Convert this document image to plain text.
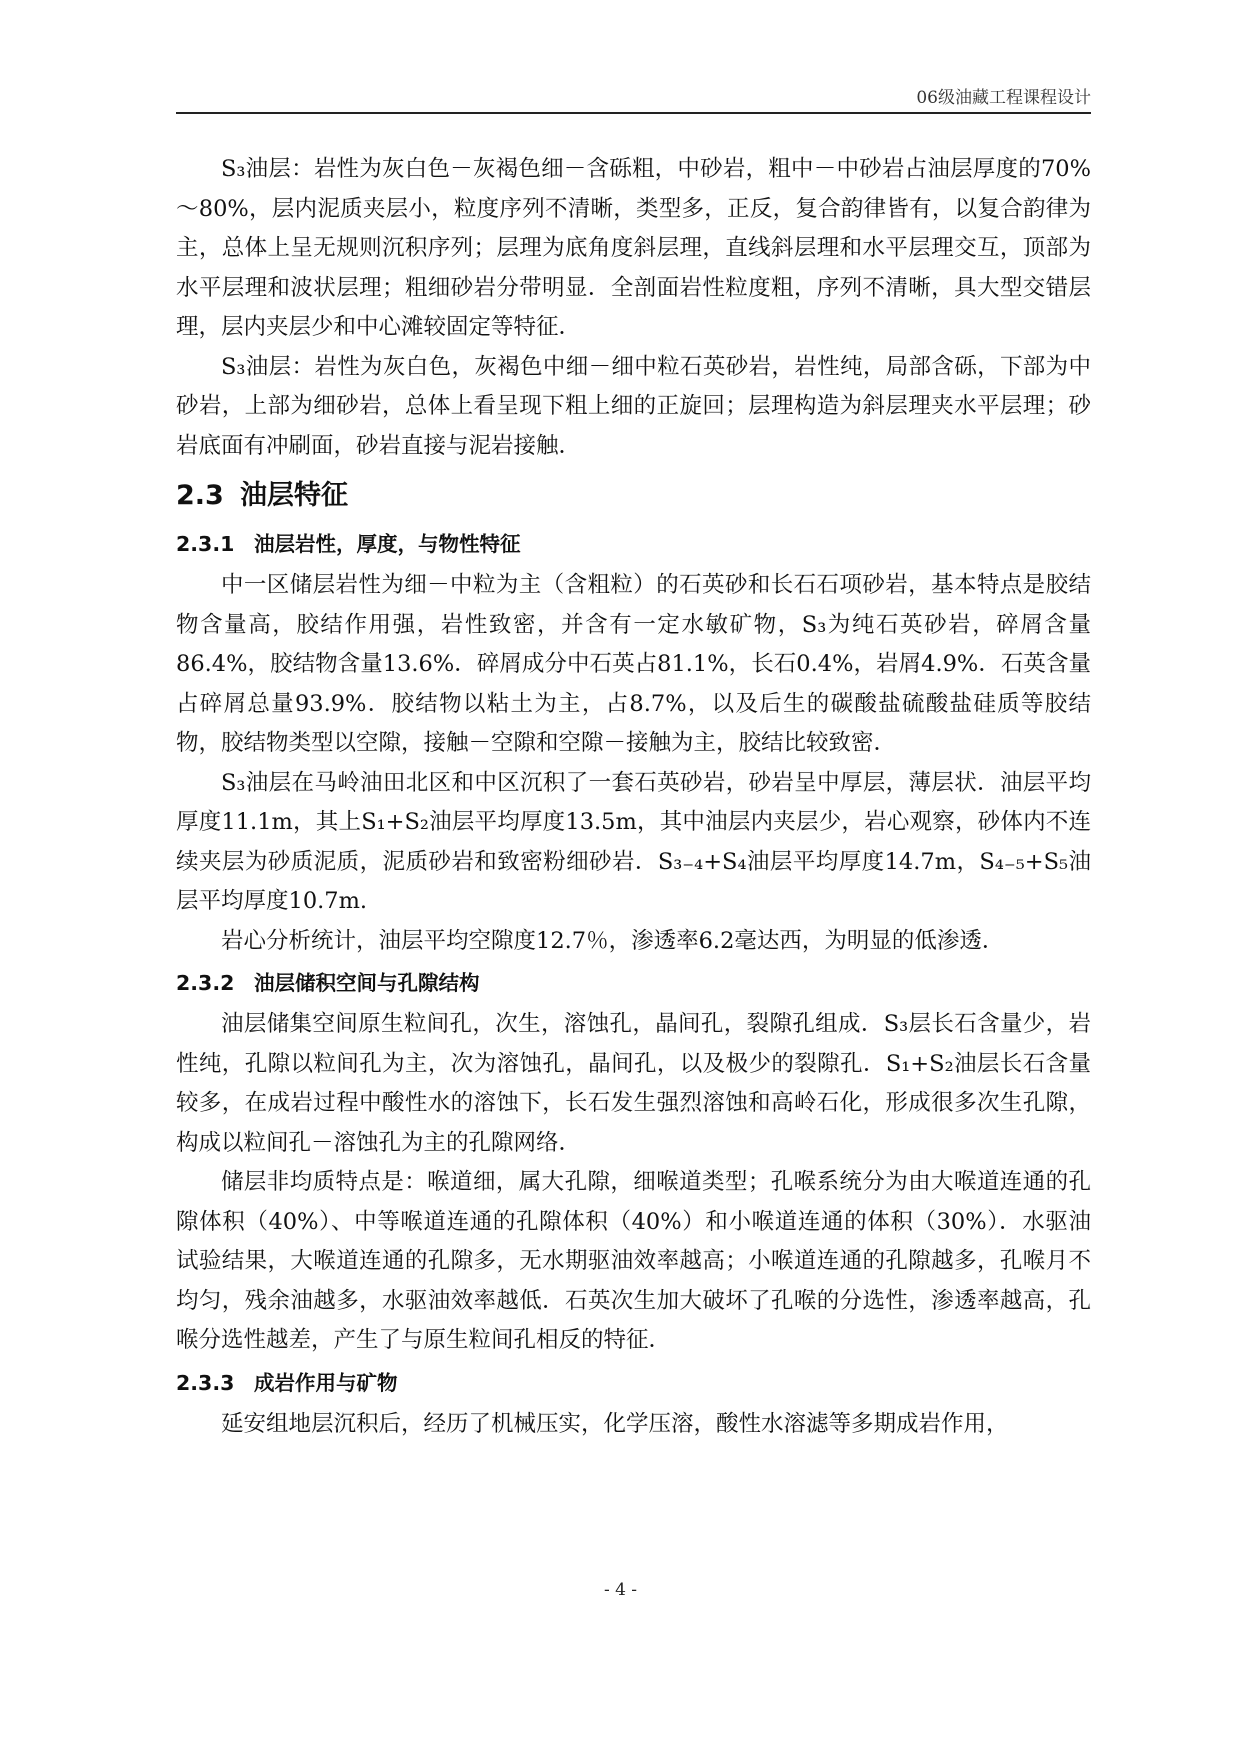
06级油藏工程课程设计

S₃油层：岩性为灰白色－灰褐色细－含砾粗，中砂岩，粗中－中砂岩占油层厚度的70%～80%，层内泥质夹层小，粒度序列不清晰，类型多，正反，复合韵律皆有，以复合韵律为主，总体上呈无规则沉积序列；层理为底角度斜层理，直线斜层理和水平层理交互，顶部为水平层理和波状层理；粗细砂岩分带明显．全剖面岩性粒度粗，序列不清晰，具大型交错层理，层内夹层少和中心滩较固定等特征．

S₃油层：岩性为灰白色，灰褐色中细－细中粒石英砂岩，岩性纯，局部含砾，下部为中砂岩，上部为细砂岩，总体上看呈现下粗上细的正旋回；层理构造为斜层理夹水平层理；砂岩底面有冲刷面，砂岩直接与泥岩接触．

2.3 油层特征
2.3.1 油层岩性，厚度，与物性特征

中一区储层岩性为细－中粒为主（含粗粒）的石英砂和长石石项砂岩，基本特点是胶结物含量高，胶结作用强，岩性致密，并含有一定水敏矿物，S₃为纯石英砂岩，碎屑含量86.4%，胶结物含量13.6%．碎屑成分中石英占81.1%，长石0.4%，岩屑4.9%．石英含量占碎屑总量93.9%．胶结物以粘土为主，占8.7%，以及后生的碳酸盐硫酸盐硅质等胶结物，胶结物类型以空隙，接触－空隙和空隙－接触为主，胶结比较致密．

S₃油层在马岭油田北区和中区沉积了一套石英砂岩，砂岩呈中厚层，薄层状．油层平均厚度11.1m，其上S₁+S₂油层平均厚度13.5m，其中油层内夹层少，岩心观察，砂体内不连续夹层为砂质泥质，泥质砂岩和致密粉细砂岩．S₃₋₄+S₄油层平均厚度14.7m，S₄₋₅+S₅油层平均厚度10.7m.

岩心分析统计，油层平均空隙度12.7％，渗透率6.2毫达西，为明显的低渗透．

2.3.2 油层储积空间与孔隙结构

油层储集空间原生粒间孔，次生，溶蚀孔，晶间孔，裂隙孔组成．S₃层长石含量少，岩性纯，孔隙以粒间孔为主，次为溶蚀孔，晶间孔，以及极少的裂隙孔．S₁+S₂油层长石含量较多，在成岩过程中酸性水的溶蚀下，长石发生强烈溶蚀和高岭石化，形成很多次生孔隙，构成以粒间孔－溶蚀孔为主的孔隙网络．

储层非均质特点是：喉道细，属大孔隙，细喉道类型；孔喉系统分为由大喉道连通的孔隙体积（40%）、中等喉道连通的孔隙体积（40%）和小喉道连通的体积（30%）．水驱油试验结果，大喉道连通的孔隙多，无水期驱油效率越高；小喉道连通的孔隙越多，孔喉月不均匀，残余油越多，水驱油效率越低．石英次生加大破坏了孔喉的分选性，渗透率越高，孔喉分选性越差，产生了与原生粒间孔相反的特征．

2.3.3 成岩作用与矿物

延安组地层沉积后，经历了机械压实，化学压溶，酸性水溶滤等多期成岩作用，

- 4 -
